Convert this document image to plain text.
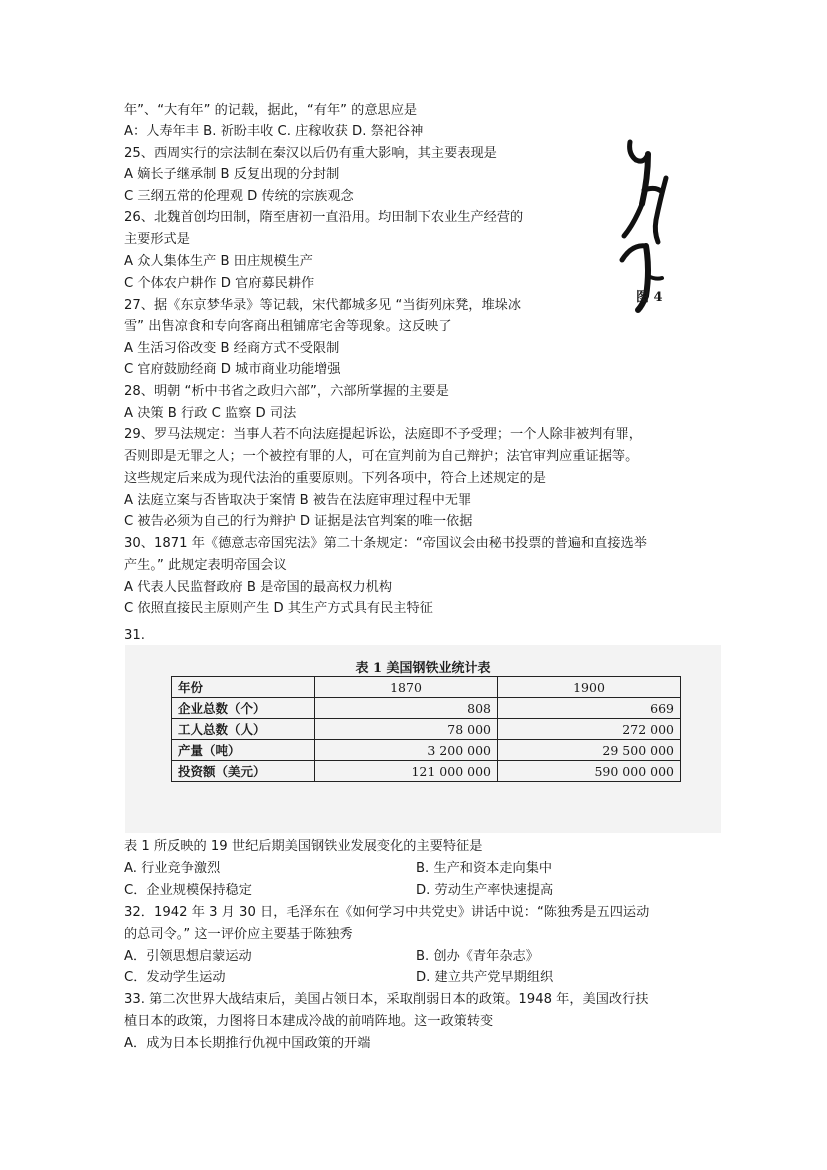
年”、“大有年” 的记载，据此，“有年” 的意思应是
A：人寿年丰 B. 祈盼丰收 C. 庄稼收获 D. 祭祀谷神
25、西周实行的宗法制在秦汉以后仍有重大影响，其主要表现是
A 嫡长子继承制 B 反复出现的分封制
C 三纲五常的伦理观 D 传统的宗族观念
26、北魏首创均田制，隋至唐初一直沿用。均田制下农业生产经营的
主要形式是
A 众人集体生产 B 田庄规模生产
C 个体农户耕作 D 官府募民耕作
27、据《东京梦华录》等记载，宋代都城多见 “当街列床凳，堆垛冰
雪” 出售凉食和专向客商出租铺席宅舍等现象。这反映了
A 生活习俗改变 B 经商方式不受限制
C 官府鼓励经商 D 城市商业功能增强
28、明朝 “析中书省之政归六部”，六部所掌握的主要是
A 决策 B 行政 C 监察 D 司法
29、罗马法规定：当事人若不向法庭提起诉讼，法庭即不予受理；一个人除非被判有罪，
否则即是无罪之人；一个被控有罪的人，可在宣判前为自己辩护；法官审判应重证据等。
这些规定后来成为现代法治的重要原则。下列各项中，符合上述规定的是
A 法庭立案与否皆取决于案情 B 被告在法庭审理过程中无罪
C 被告必须为自己的行为辩护 D 证据是法官判案的唯一依据
30、1871 年《德意志帝国宪法》第二十条规定：“帝国议会由秘书投票的普遍和直接选举
产生。” 此规定表明帝国会议
A 代表人民监督政府 B 是帝国的最高权力机构
C 依照直接民主原则产生 D 其生产方式具有民主特征
31.
图 4
表 1 美国钢铁业统计表
年份	1870	1900
企业总数（个）	808	669
工人总数（人）	78 000	272 000
产量（吨）	3 200 000	29 500 000
投资额（美元）	121 000 000	590 000 000
表 1 所反映的 19 世纪后期美国钢铁业发展变化的主要特征是
A. 行业竞争激烈	B. 生产和资本走向集中
C．企业规模保持稳定	D. 劳动生产率快速提高
32．1942 年 3 月 30 日，毛泽东在《如何学习中共党史》讲话中说：“陈独秀是五四运动
的总司令。” 这一评价应主要基于陈独秀
A．引领思想启蒙运动	B. 创办《青年杂志》
C．发动学生运动	D. 建立共产党早期组织
33. 第二次世界大战结束后，美国占领日本，采取削弱日本的政策。1948 年，美国改行扶
植日本的政策，力图将日本建成冷战的前哨阵地。这一政策转变
A．成为日本长期推行仇视中国政策的开端
